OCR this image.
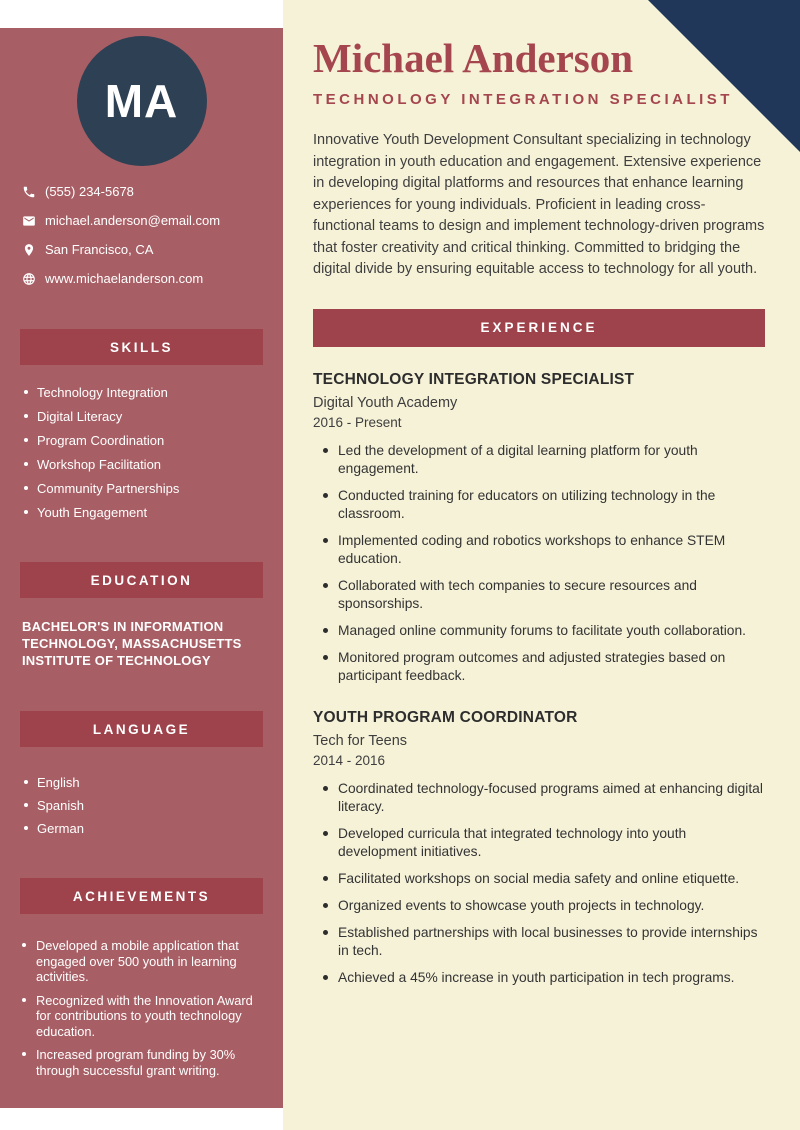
MA
(555) 234-5678
michael.anderson@email.com
San Francisco, CA
www.michaelanderson.com
SKILLS
Technology Integration
Digital Literacy
Program Coordination
Workshop Facilitation
Community Partnerships
Youth Engagement
EDUCATION
BACHELOR'S IN INFORMATION TECHNOLOGY, MASSACHUSETTS INSTITUTE OF TECHNOLOGY
LANGUAGE
English
Spanish
German
ACHIEVEMENTS
Developed a mobile application that engaged over 500 youth in learning activities.
Recognized with the Innovation Award for contributions to youth technology education.
Increased program funding by 30% through successful grant writing.
Michael Anderson
TECHNOLOGY INTEGRATION SPECIALIST

Innovative Youth Development Consultant specializing in technology integration in youth education and engagement. Extensive experience in developing digital platforms and resources that enhance learning experiences for young individuals. Proficient in leading cross-functional teams to design and implement technology-driven programs that foster creativity and critical thinking. Committed to bridging the digital divide by ensuring equitable access to technology for all youth.

EXPERIENCE
TECHNOLOGY INTEGRATION SPECIALIST
Digital Youth Academy
2016 - Present
Led the development of a digital learning platform for youth engagement.
Conducted training for educators on utilizing technology in the classroom.
Implemented coding and robotics workshops to enhance STEM education.
Collaborated with tech companies to secure resources and sponsorships.
Managed online community forums to facilitate youth collaboration.
Monitored program outcomes and adjusted strategies based on participant feedback.
YOUTH PROGRAM COORDINATOR
Tech for Teens
2014 - 2016
Coordinated technology-focused programs aimed at enhancing digital literacy.
Developed curricula that integrated technology into youth development initiatives.
Facilitated workshops on social media safety and online etiquette.
Organized events to showcase youth projects in technology.
Established partnerships with local businesses to provide internships in tech.
Achieved a 45% increase in youth participation in tech programs.
